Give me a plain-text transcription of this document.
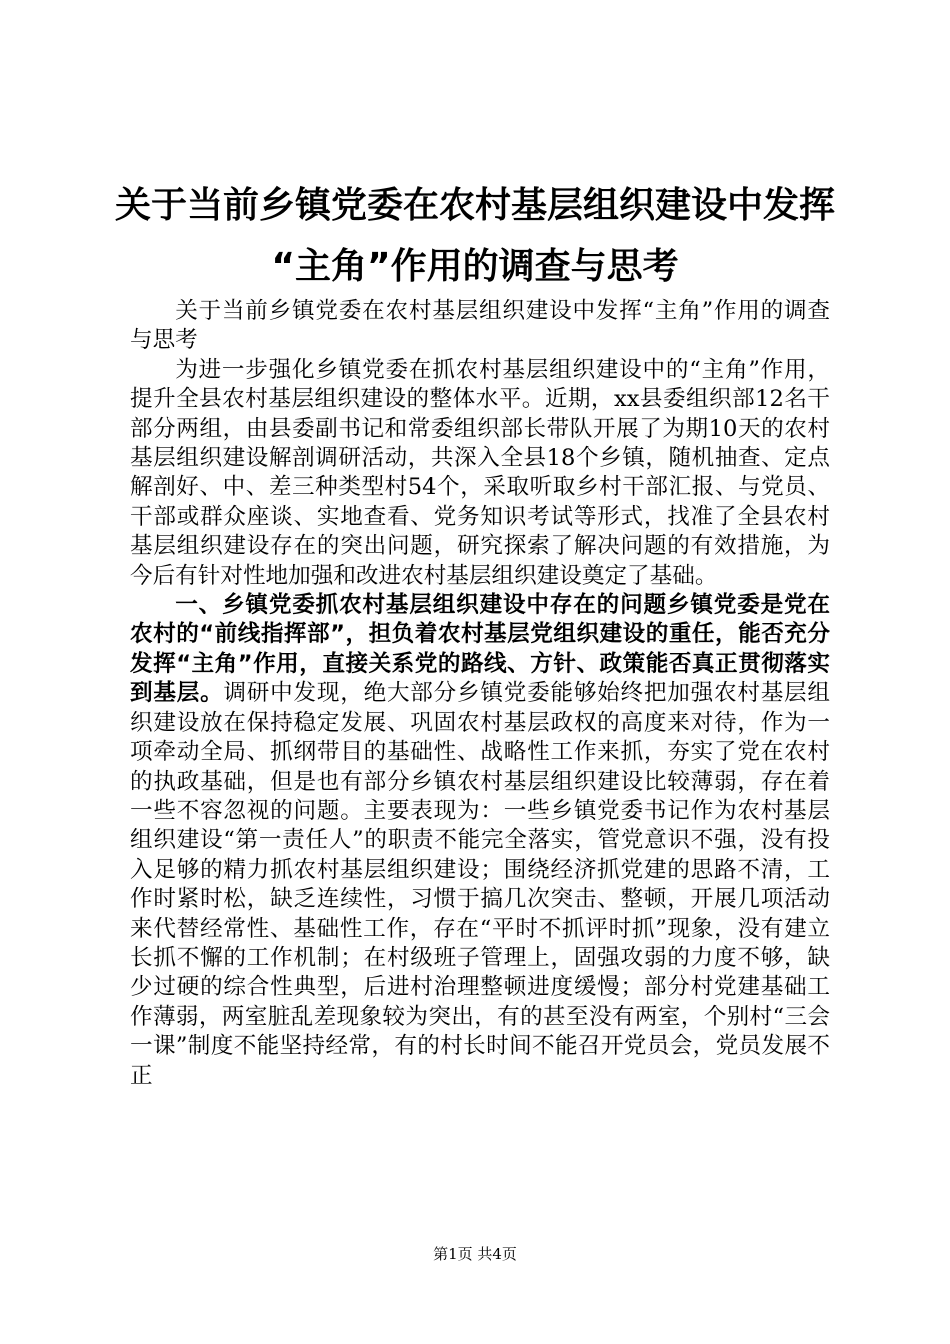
关于当前乡镇党委在农村基层组织建设中发挥
“主角”作用的调查与思考

关于当前乡镇党委在农村基层组织建设中发挥“主角”作用的调查与思考

为进一步强化乡镇党委在抓农村基层组织建设中的“主角”作用，提升全县农村基层组织建设的整体水平。近期，xx县委组织部12名干部分两组，由县委副书记和常委组织部长带队开展了为期10天的农村基层组织建设解剖调研活动，共深入全县18个乡镇，随机抽查、定点解剖好、中、差三种类型村54个，采取听取乡村干部汇报、与党员、干部或群众座谈、实地查看、党务知识考试等形式，找准了全县农村基层组织建设存在的突出问题，研究探索了解决问题的有效措施，为今后有针对性地加强和改进农村基层组织建设奠定了基础。

一、乡镇党委抓农村基层组织建设中存在的问题乡镇党委是党在农村的“前线指挥部”，担负着农村基层党组织建设的重任，能否充分发挥“主角”作用，直接关系党的路线、方针、政策能否真正贯彻落实到基层。调研中发现，绝大部分乡镇党委能够始终把加强农村基层组织建设放在保持稳定发展、巩固农村基层政权的高度来对待，作为一项牵动全局、抓纲带目的基础性、战略性工作来抓，夯实了党在农村的执政基础，但是也有部分乡镇农村基层组织建设比较薄弱，存在着一些不容忽视的问题。主要表现为：一些乡镇党委书记作为农村基层组织建设“第一责任人”的职责不能完全落实，管党意识不强，没有投入足够的精力抓农村基层组织建设；围绕经济抓党建的思路不清，工作时紧时松，缺乏连续性，习惯于搞几次突击、整顿，开展几项活动来代替经常性、基础性工作，存在“平时不抓评时抓”现象，没有建立长抓不懈的工作机制；在村级班子管理上，固强攻弱的力度不够，缺少过硬的综合性典型，后进村治理整顿进度缓慢；部分村党建基础工作薄弱，两室脏乱差现象较为突出，有的甚至没有两室，个别村“三会一课”制度不能坚持经常，有的村长时间不能召开党员会，党员发展不正

第1页 共4页
